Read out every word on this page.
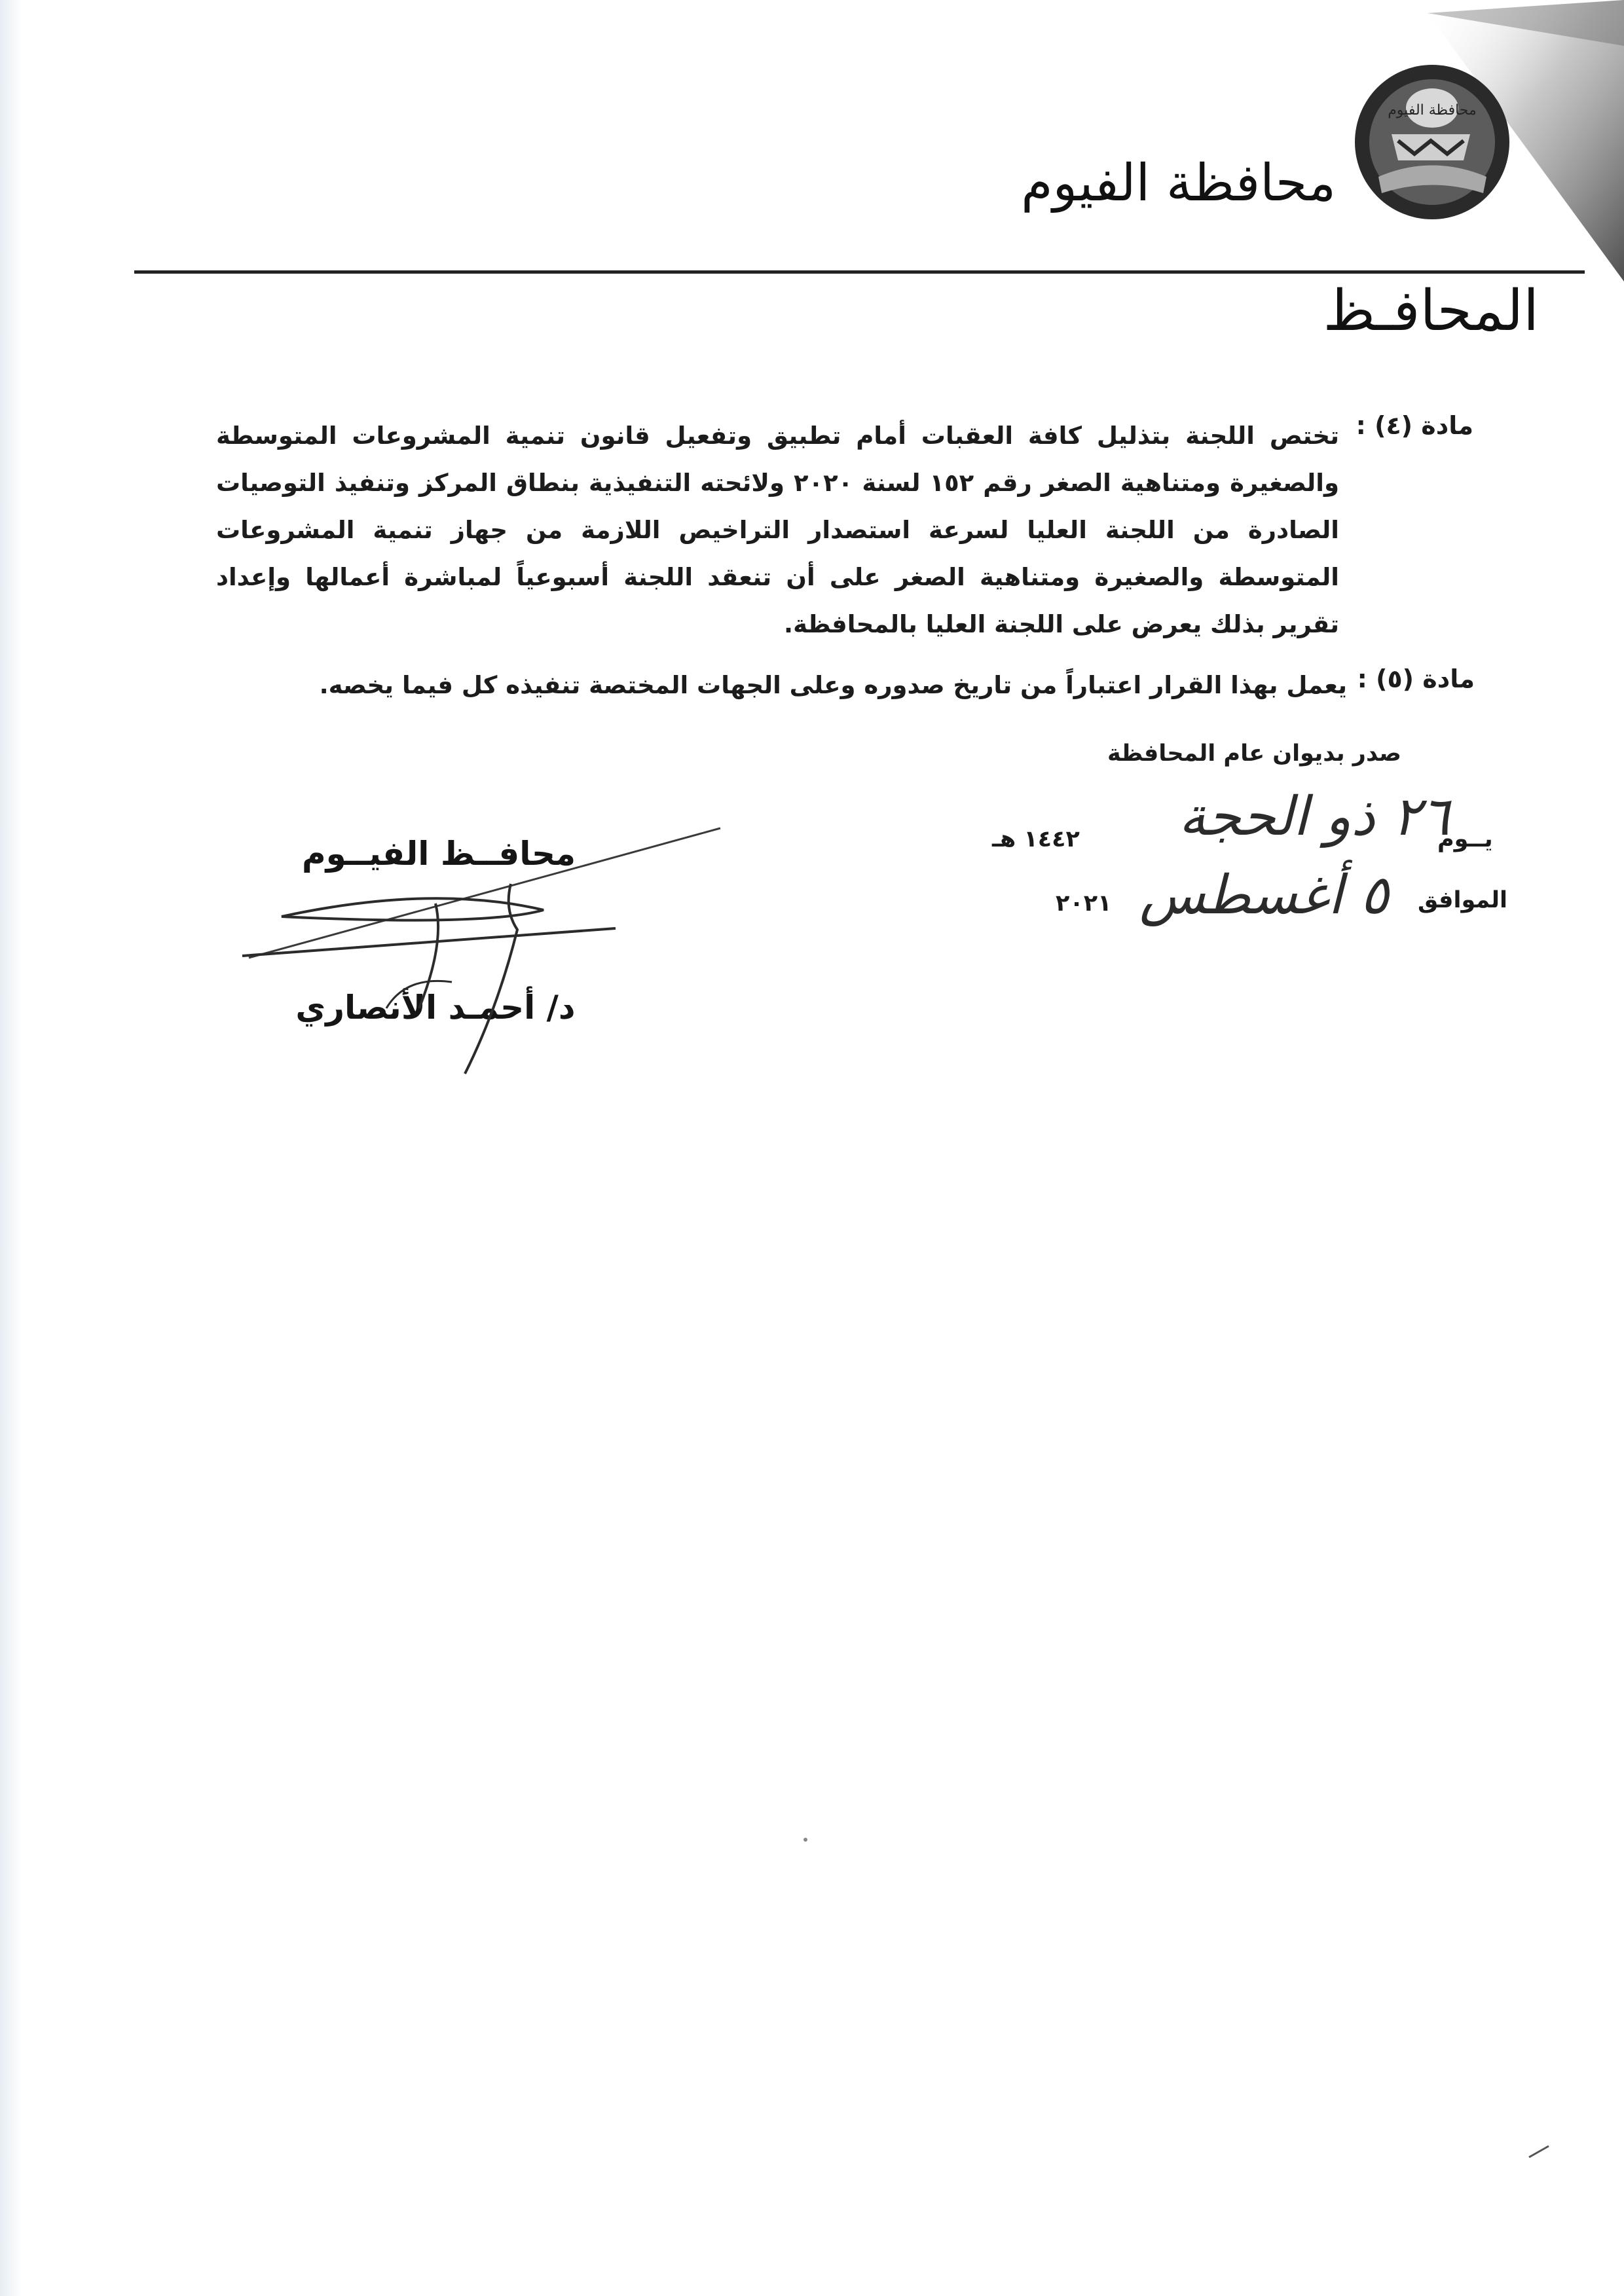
محافظة الفيوم
محافظة الفيوم
المحافـظ
مادة (٤) :
تختص اللجنة بتذليل كافة العقبات أمام تطبيق وتفعيل قانون تنمية المشروعات المتوسطة والصغيرة ومتناهية الصغر رقم ١٥٢ لسنة ٢٠٢٠ ولائحته التنفيذية بنطاق المركز وتنفيذ التوصيات الصادرة من اللجنة العليا لسرعة استصدار التراخيص اللازمة من جهاز تنمية المشروعات المتوسطة والصغيرة ومتناهية الصغر على أن تنعقد اللجنة أسبوعياً لمباشرة أعمالها وإعداد تقرير بذلك يعرض على اللجنة العليا بالمحافظة.
مادة (٥) :
يعمل بهذا القرار اعتباراً من تاريخ صدوره وعلى الجهات المختصة تنفيذه كل فيما يخصه.
صدر بديوان عام المحافظة
يــوم
٢٦ ذو الحجة
١٤٤٢ هـ
الموافق
٥ أغسطس
٢٠٢١
محافــظ الفيــوم
د/ أحمـد الأنصاري
